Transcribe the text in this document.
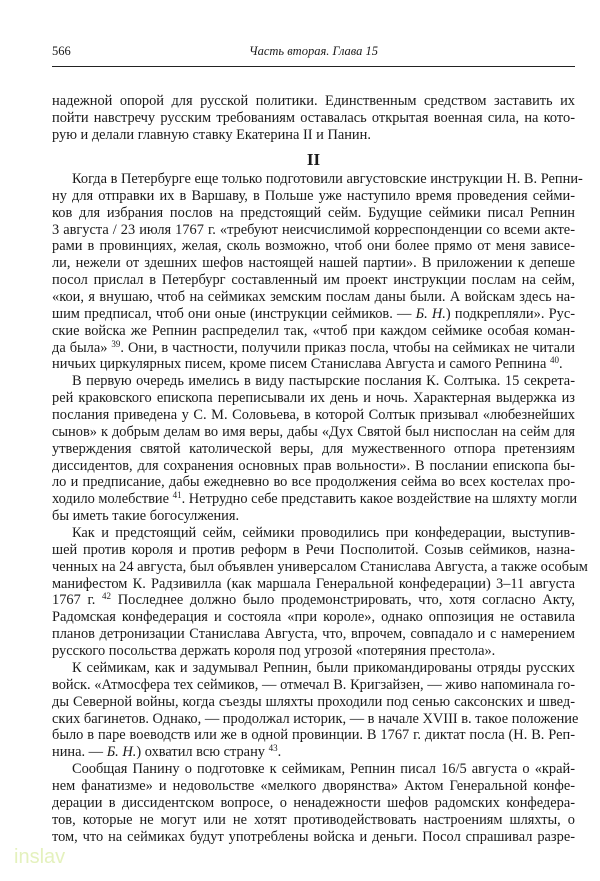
566	Часть вторая. Глава 15
надежной опорой для русской политики. Единственным средством заставить их
пойти навстречу русским требованиям оставалась открытая военная сила, на кото-
рую и делали главную ставку Екатерина II и Панин.
II
Когда в Петербурге еще только подготовили августовские инструкции Н. В. Репни-
ну для отправки их в Варшаву, в Польше уже наступило время проведения сейми-
ков для избрания послов на предстоящий сейм. Будущие сеймики писал Репнин
3 августа / 23 июля 1767 г. «требуют неисчислимой корреспонденции со всеми акте-
рами в провинциях, желая, сколь возможно, чтоб они более прямо от меня зависе-
ли, нежели от здешних шефов настоящей нашей партии». В приложении к депеше
посол прислал в Петербург составленный им проект инструкции послам на сейм,
«кои, я внушаю, чтоб на сеймиках земским послам даны были. А войскам здесь на-
шим предписал, чтоб они оные (инструкции сеймиков. — Б. Н.) подкрепляли». Рус-
ские войска же Репнин распределил так, «чтоб при каждом сеймике особая коман-
да была» $^{39}$. Они, в частности, получили приказ посла, чтобы на сеймиках не читали
ничьих циркулярных писем, кроме писем Станислава Августа и самого Репнина $^{40}$.
В первую очередь имелись в виду пастырские послания К. Солтыка. 15 секрета-
рей краковского епископа переписывали их день и ночь. Характерная выдержка из
послания приведена у С. М. Соловьева, в которой Солтык призывал «любезнейших
сынов» к добрым делам во имя веры, дабы «Дух Святой был ниспослан на сейм для
утверждения святой католической веры, для мужественного отпора претензиям
диссидентов, для сохранения основных прав вольности». В послании епископа бы-
ло и предписание, дабы ежедневно во все продолжения сейма во всех костелах про-
ходило молебствие $^{41}$. Нетрудно себе представить какое воздействие на шляхту могли
бы иметь такие богосулжения.
Как и предстоящий сейм, сеймики проводились при конфедерации, выступив-
шей против короля и против реформ в Речи Посполитой. Созыв сеймиков, назна-
ченных на 24 августа, был объявлен универсалом Станислава Августа, а также особым
манифестом К. Радзивилла (как маршала Генеральной конфедерации) 3–11 августа
1767 г. $^{42}$ Последнее должно было продемонстрировать, что, хотя согласно Акту,
Радомская конфедерация и состояла «при короле», однако оппозиция не оставила
планов детронизации Станислава Августа, что, впрочем, совпадало и с намерением
русского посольства держать короля под угрозой «потеряния престола».
К сеймикам, как и задумывал Репнин, были прикомандированы отряды русских
войск. «Атмосфера тех сеймиков, — отмечал В. Кригзайзен, — живо напоминала го-
ды Северной войны, когда съезды шляхты проходили под сенью саксонских и швед-
ских багинетов. Однако, — продолжал историк, — в начале XVIII в. такое положение
было в паре воеводств или же в одной провинции. В 1767 г. диктат посла (Н. В. Реп-
нина. — Б. Н.) охватил всю страну $^{43}$.
Сообщая Панину о подготовке к сеймикам, Репнин писал 16/5 августа о «край-
нем фанатизме» и недовольстве «мелкого дворянства» Актом Генеральной конфе-
дерации в диссидентском вопросе, о ненадежности шефов радомских конфедера-
тов, которые не могут или не хотят противодействовать настроениям шляхты, о
том, что на сеймиках будут употреблены войска и деньги. Посол спрашивал разре-
inslav
